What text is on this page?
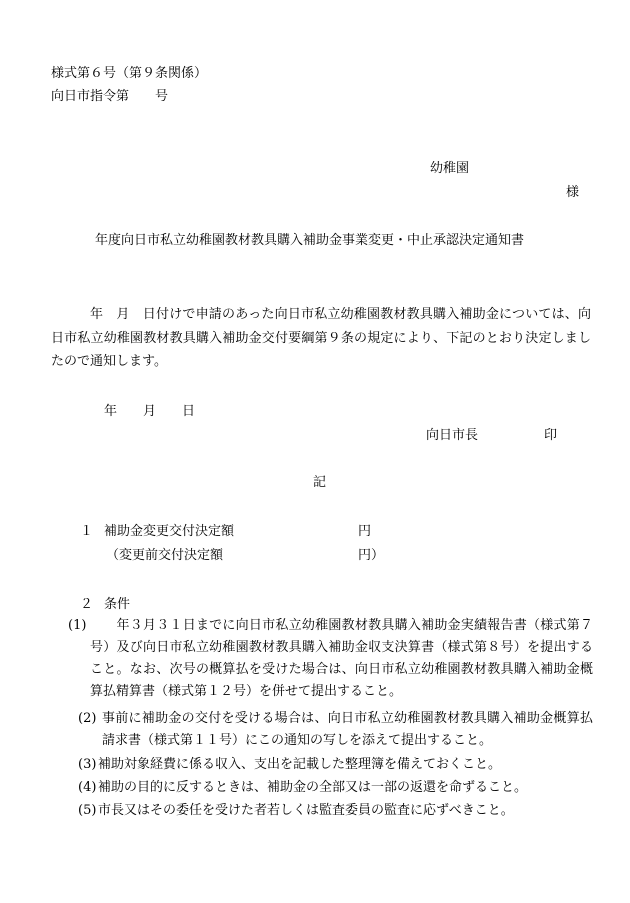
様式第６号（第９条関係）
向日市指令第　　号
幼稚園
様
年度向日市私立幼稚園教材教具購入補助金事業変更・中止承認決定通知書
年　月　日付けで申請のあった向日市私立幼稚園教材教具購入補助金については、向日市私立幼稚園教材教具購入補助金交付要綱第９条の規定により、下記のとおり決定しましたので通知します。
年　　月　　日
向日市長	印
記
１ 補助金変更交付決定額	円
（変更前交付決定額	円）
２ 条件
(1) 　　年３月３１日までに向日市私立幼稚園教材教具購入補助金実績報告書（様式第７号）及び向日市私立幼稚園教材教具購入補助金収支決算書（様式第８号）を提出すること。なお、次号の概算払を受けた場合は、向日市私立幼稚園教材教具購入補助金概算払精算書（様式第１２号）を併せて提出すること。
(2) 事前に補助金の交付を受ける場合は、向日市私立幼稚園教材教具購入補助金概算払請求書（様式第１１号）にこの通知の写しを添えて提出すること。
(3) 補助対象経費に係る収入、支出を記載した整理簿を備えておくこと。
(4) 補助の目的に反するときは、補助金の全部又は一部の返還を命ずること。
(5) 市長又はその委任を受けた者若しくは監査委員の監査に応ずべきこと。
